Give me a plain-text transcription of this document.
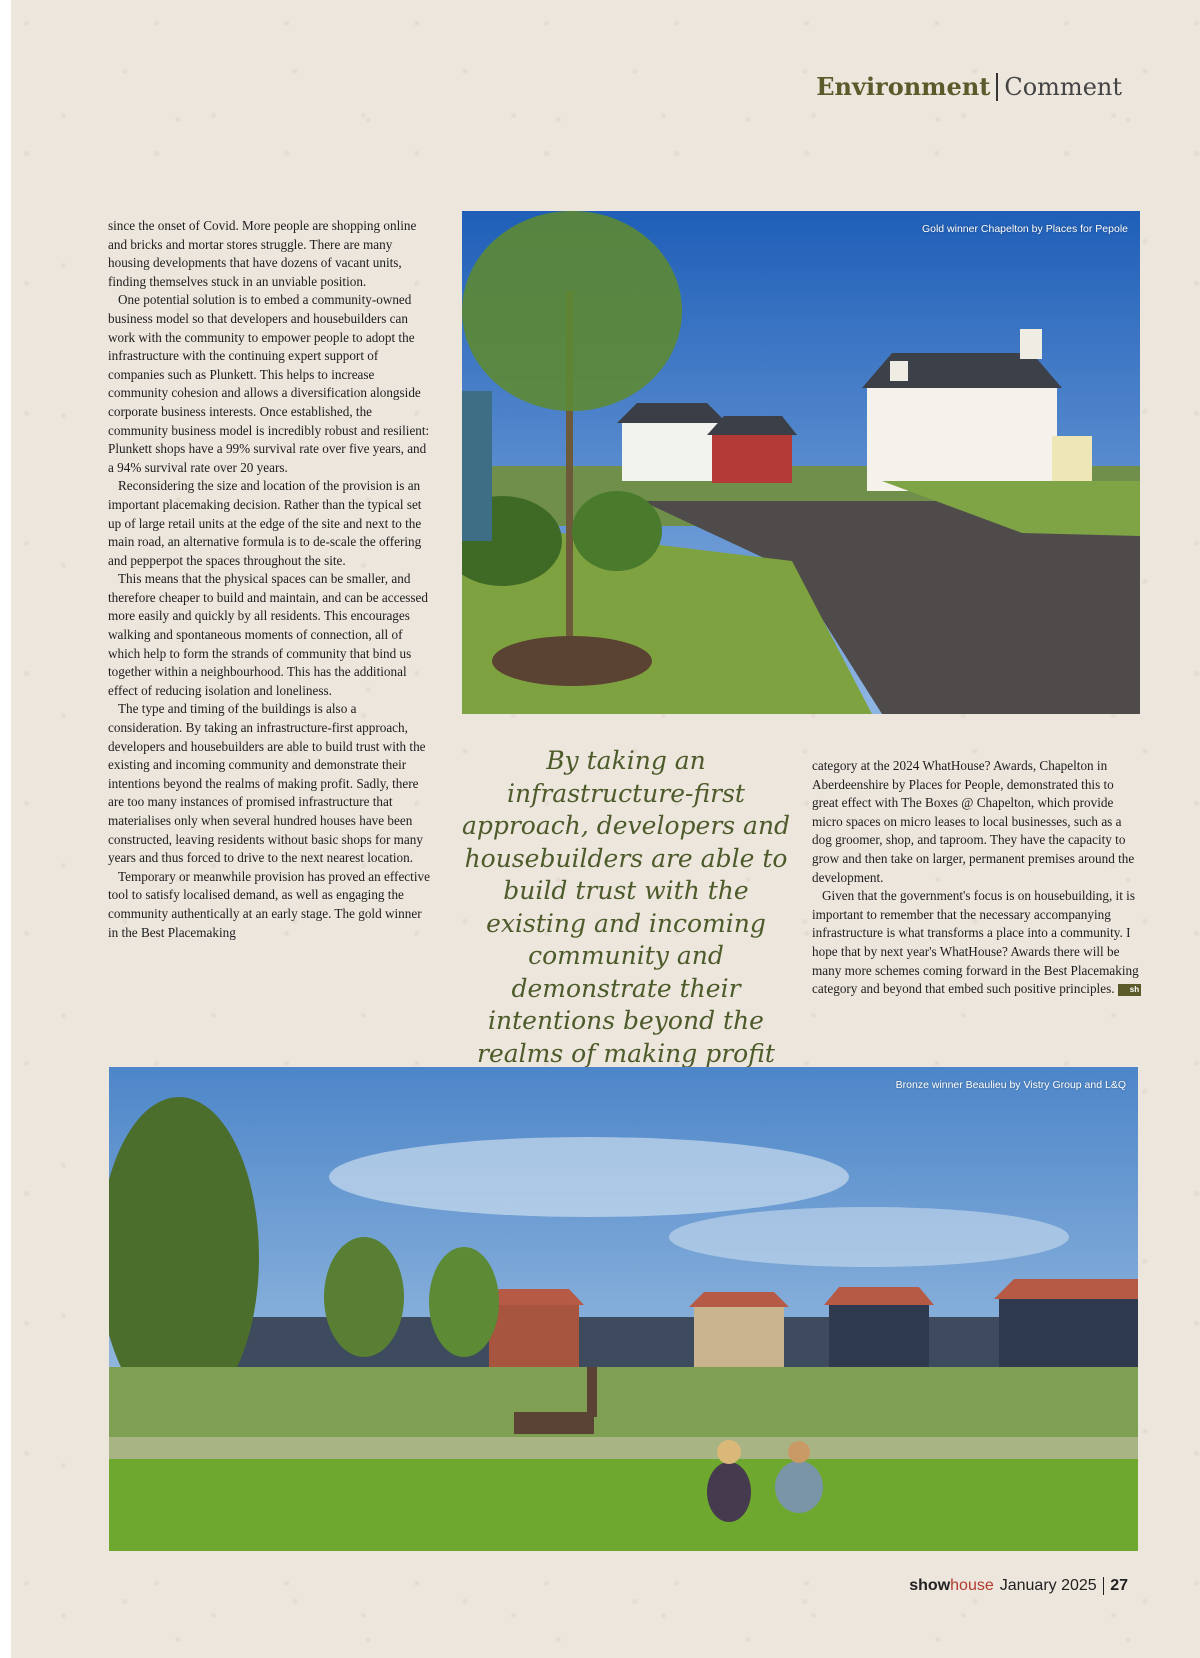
Environment Comment

since the onset of Covid. More people are shopping online and bricks and mortar stores struggle. There are many housing developments that have dozens of vacant units, finding themselves stuck in an unviable position.

One potential solution is to embed a community-owned business model so that developers and housebuilders can work with the community to empower people to adopt the infrastructure with the continuing expert support of companies such as Plunkett. This helps to increase community cohesion and allows a diversification alongside corporate business interests. Once established, the community business model is incredibly robust and resilient: Plunkett shops have a 99% survival rate over five years, and a 94% survival rate over 20 years.

Reconsidering the size and location of the provision is an important placemaking decision. Rather than the typical set up of large retail units at the edge of the site and next to the main road, an alternative formula is to de-scale the offering and pepperpot the spaces throughout the site.

This means that the physical spaces can be smaller, and therefore cheaper to build and maintain, and can be accessed more easily and quickly by all residents. This encourages walking and spontaneous moments of connection, all of which help to form the strands of community that bind us together within a neighbourhood. This has the additional effect of reducing isolation and loneliness.

The type and timing of the buildings is also a consideration. By taking an infrastructure-first approach, developers and housebuilders are able to build trust with the existing and incoming community and demonstrate their intentions beyond the realms of making profit. Sadly, there are too many instances of promised infrastructure that materialises only when several hundred houses have been constructed, leaving residents without basic shops for many years and thus forced to drive to the next nearest location.

Temporary or meanwhile provision has proved an effective tool to satisfy localised demand, as well as engaging the community authentically at an early stage. The gold winner in the Best Placemaking

Gold winner Chapelton by Places for Pepole
By taking an infrastructure-first approach, developers and housebuilders are able to build trust with the existing and incoming community and demonstrate their intentions beyond the realms of making profit

category at the 2024 WhatHouse? Awards, Chapelton in Aberdeenshire by Places for People, demonstrated this to great effect with The Boxes @ Chapelton, which provide micro spaces on micro leases to local businesses, such as a dog groomer, shop, and taproom. They have the capacity to grow and then take on larger, permanent premises around the development.

Given that the government's focus is on housebuilding, it is important to remember that the necessary accompanying infrastructure is what transforms a place into a community. I hope that by next year's WhatHouse? Awards there will be many more schemes coming forward in the Best Placemaking category and beyond that embed such positive principles. sh

Bronze winner Beaulieu by Vistry Group and L&Q
showhouse January 2025 27
